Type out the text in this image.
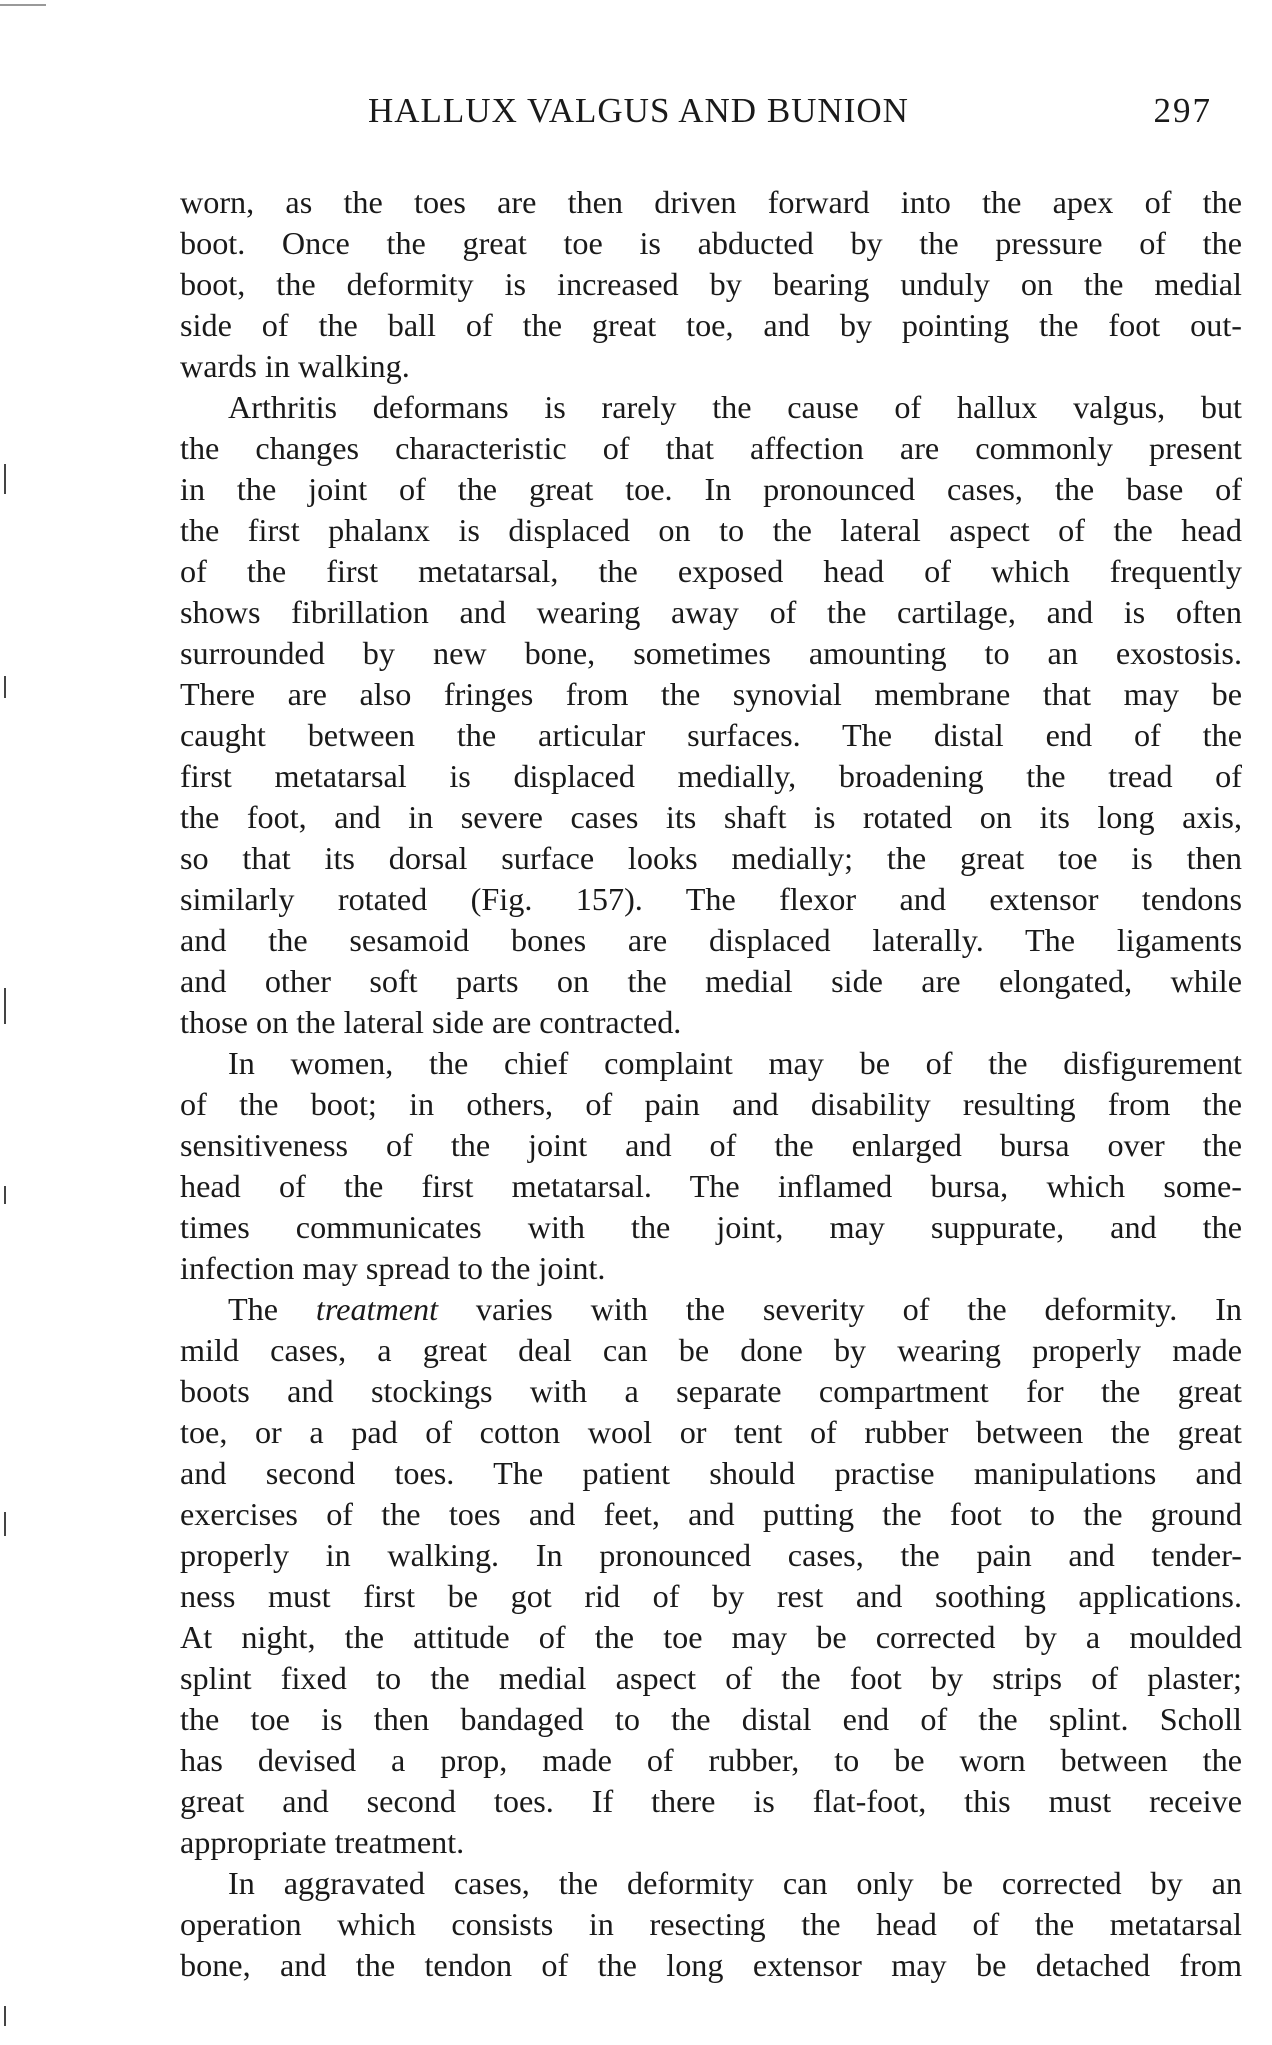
HALLUX VALGUS AND BUNION	297
worn, as the toes are then driven forward into the apex of the
boot. Once the great toe is abducted by the pressure of the
boot, the deformity is increased by bearing unduly on the medial
side of the ball of the great toe, and by pointing the foot out-
wards in walking.
Arthritis deformans is rarely the cause of hallux valgus, but
the changes characteristic of that affection are commonly present
in the joint of the great toe. In pronounced cases, the base of
the first phalanx is displaced on to the lateral aspect of the head
of the first metatarsal, the exposed head of which frequently
shows fibrillation and wearing away of the cartilage, and is often
surrounded by new bone, sometimes amounting to an exostosis.
There are also fringes from the synovial membrane that may be
caught between the articular surfaces. The distal end of the
first metatarsal is displaced medially, broadening the tread of
the foot, and in severe cases its shaft is rotated on its long axis,
so that its dorsal surface looks medially; the great toe is then
similarly rotated (Fig. 157). The flexor and extensor tendons
and the sesamoid bones are displaced laterally. The ligaments
and other soft parts on the medial side are elongated, while
those on the lateral side are contracted.
In women, the chief complaint may be of the disfigurement
of the boot; in others, of pain and disability resulting from the
sensitiveness of the joint and of the enlarged bursa over the
head of the first metatarsal. The inflamed bursa, which some-
times communicates with the joint, may suppurate, and the
infection may spread to the joint.
The treatment varies with the severity of the deformity. In
mild cases, a great deal can be done by wearing properly made
boots and stockings with a separate compartment for the great
toe, or a pad of cotton wool or tent of rubber between the great
and second toes. The patient should practise manipulations and
exercises of the toes and feet, and putting the foot to the ground
properly in walking. In pronounced cases, the pain and tender-
ness must first be got rid of by rest and soothing applications.
At night, the attitude of the toe may be corrected by a moulded
splint fixed to the medial aspect of the foot by strips of plaster;
the toe is then bandaged to the distal end of the splint. Scholl
has devised a prop, made of rubber, to be worn between the
great and second toes. If there is flat-foot, this must receive
appropriate treatment.
In aggravated cases, the deformity can only be corrected by an
operation which consists in resecting the head of the metatarsal
bone, and the tendon of the long extensor may be detached from
